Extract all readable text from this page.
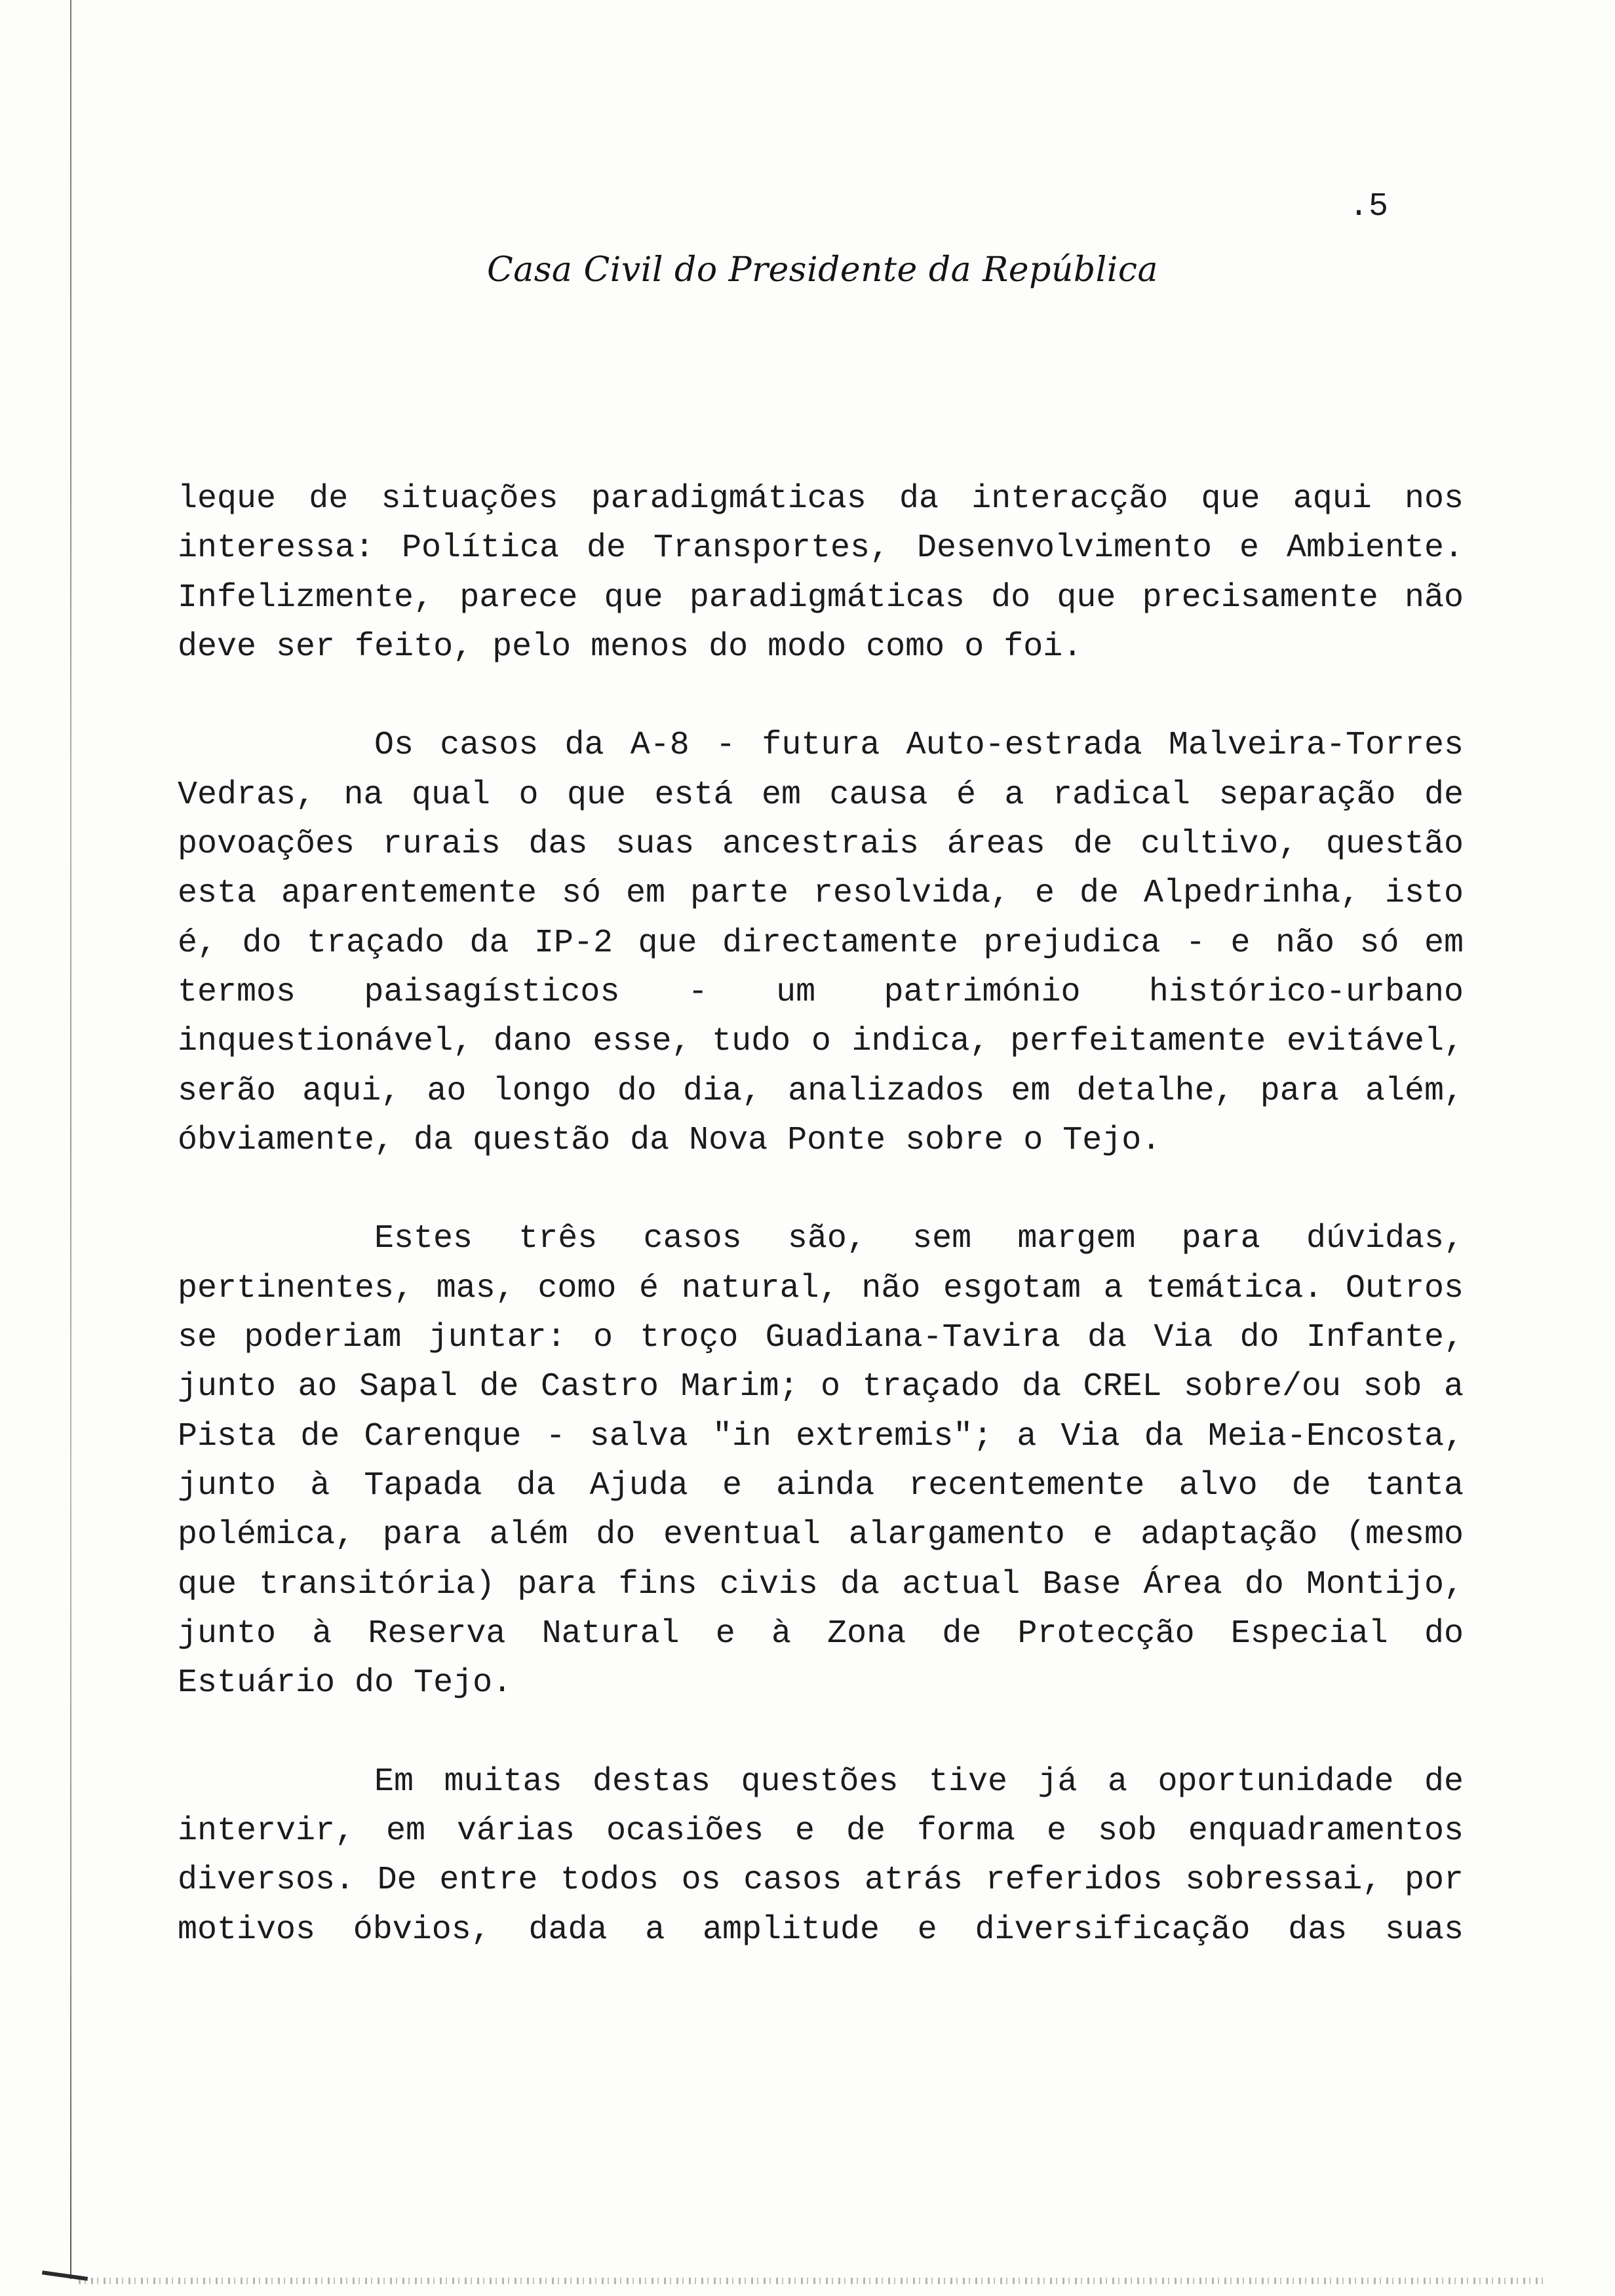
.5
Casa Civil do Presidente da República
leque de situações paradigmáticas da interacção que aqui nos
interessa: Política de Transportes, Desenvolvimento e Ambiente.
Infelizmente, parece que paradigmáticas do que precisamente não
deve ser feito, pelo menos do modo como o foi.
Os casos da A-8 - futura Auto-estrada Malveira-Torres
Vedras, na qual o que está em causa é a radical separação de
povoações rurais das suas ancestrais áreas de cultivo, questão
esta aparentemente só em parte resolvida, e de Alpedrinha, isto
é, do traçado da IP-2 que directamente prejudica - e não só em
termos paisagísticos - um património histórico-urbano
inquestionável, dano esse, tudo o indica, perfeitamente evitável,
serão aqui, ao longo do dia, analizados em detalhe, para além,
óbviamente, da questão da Nova Ponte sobre o Tejo.
Estes três casos são, sem margem para dúvidas,
pertinentes, mas, como é natural, não esgotam a temática. Outros
se poderiam juntar: o troço Guadiana-Tavira da Via do Infante,
junto ao Sapal de Castro Marim; o traçado da CREL sobre/ou sob a
Pista de Carenque - salva "in extremis"; a Via da Meia-Encosta,
junto à Tapada da Ajuda e ainda recentemente alvo de tanta
polémica, para além do eventual alargamento e adaptação (mesmo
que transitória) para fins civis da actual Base Área do Montijo,
junto à Reserva Natural e à Zona de Protecção Especial do
Estuário do Tejo.
Em muitas destas questões tive já a oportunidade de
intervir, em várias ocasiões e de forma e sob enquadramentos
diversos. De entre todos os casos atrás referidos sobressai, por
motivos óbvios, dada a amplitude e diversificação das suas
